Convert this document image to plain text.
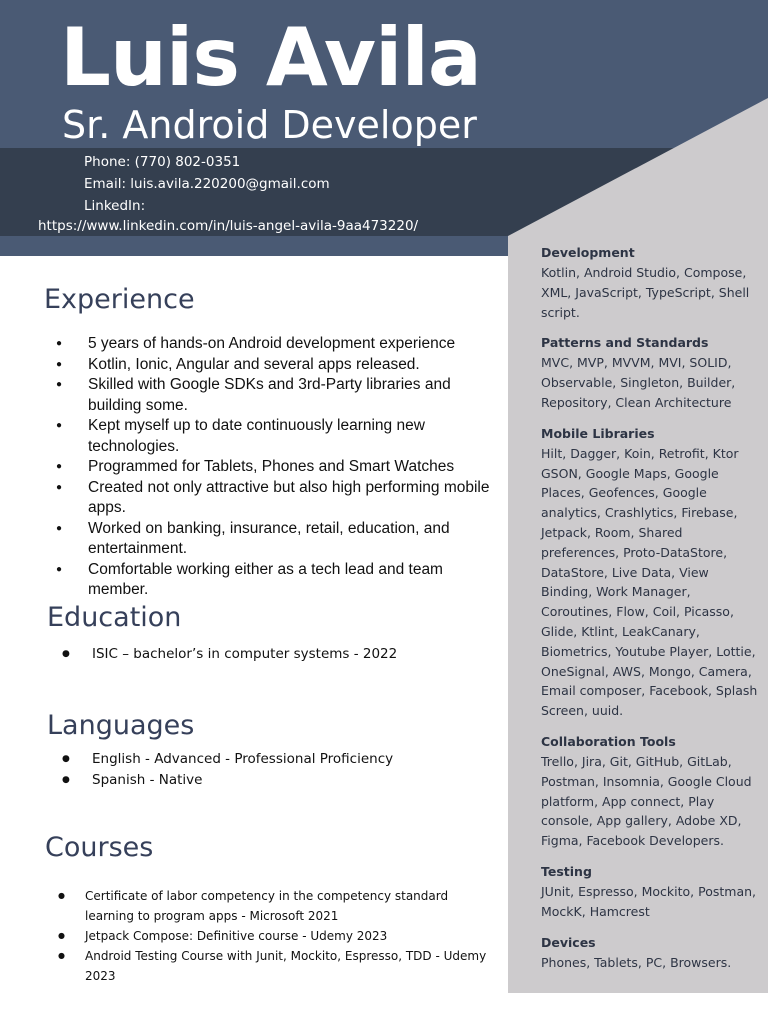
Luis Avila
Sr. Android Developer
Phone: (770) 802-0351
Email: luis.avila.220200@gmail.com
LinkedIn:
https://www.linkedin.com/in/luis-angel-avila-9aa473220/
Experience
● 5 years of hands-on Android development experience
● Kotlin, Ionic, Angular and several apps released.
● Skilled with Google SDKs and 3rd-Party libraries and building some.
● Kept myself up to date continuously learning new technologies.
● Programmed for Tablets, Phones and Smart Watches
● Created not only attractive but also high performing mobile apps.
● Worked on banking, insurance, retail, education, and entertainment.
● Comfortable working either as a tech lead and team member.
Education
● ISIC – bachelor’s in computer systems - 2022
Languages
● English - Advanced - Professional Proficiency
● Spanish - Native
Courses
● Certificate of labor competency in the competency standard learning to program apps - Microsoft 2021
● Jetpack Compose: Definitive course - Udemy 2023
● Android Testing Course with Junit, Mockito, Espresso, TDD - Udemy 2023
Development
Kotlin, Android Studio, Compose, XML, JavaScript, TypeScript, Shell script.
Patterns and Standards
MVC, MVP, MVVM, MVI, SOLID, Observable, Singleton, Builder, Repository, Clean Architecture
Mobile Libraries
Hilt, Dagger, Koin, Retrofit, Ktor GSON, Google Maps, Google Places, Geofences, Google analytics, Crashlytics, Firebase, Jetpack, Room, Shared preferences, Proto-DataStore, DataStore, Live Data, View Binding, Work Manager, Coroutines, Flow, Coil, Picasso, Glide, Ktlint, LeakCanary, Biometrics, Youtube Player, Lottie, OneSignal, AWS, Mongo, Camera, Email composer, Facebook, Splash Screen, uuid.
Collaboration Tools
Trello, Jira, Git, GitHub, GitLab, Postman, Insomnia, Google Cloud platform, App connect, Play console, App gallery, Adobe XD, Figma, Facebook Developers.
Testing
JUnit, Espresso, Mockito, Postman, MockK, Hamcrest
Devices
Phones, Tablets, PC, Browsers.
